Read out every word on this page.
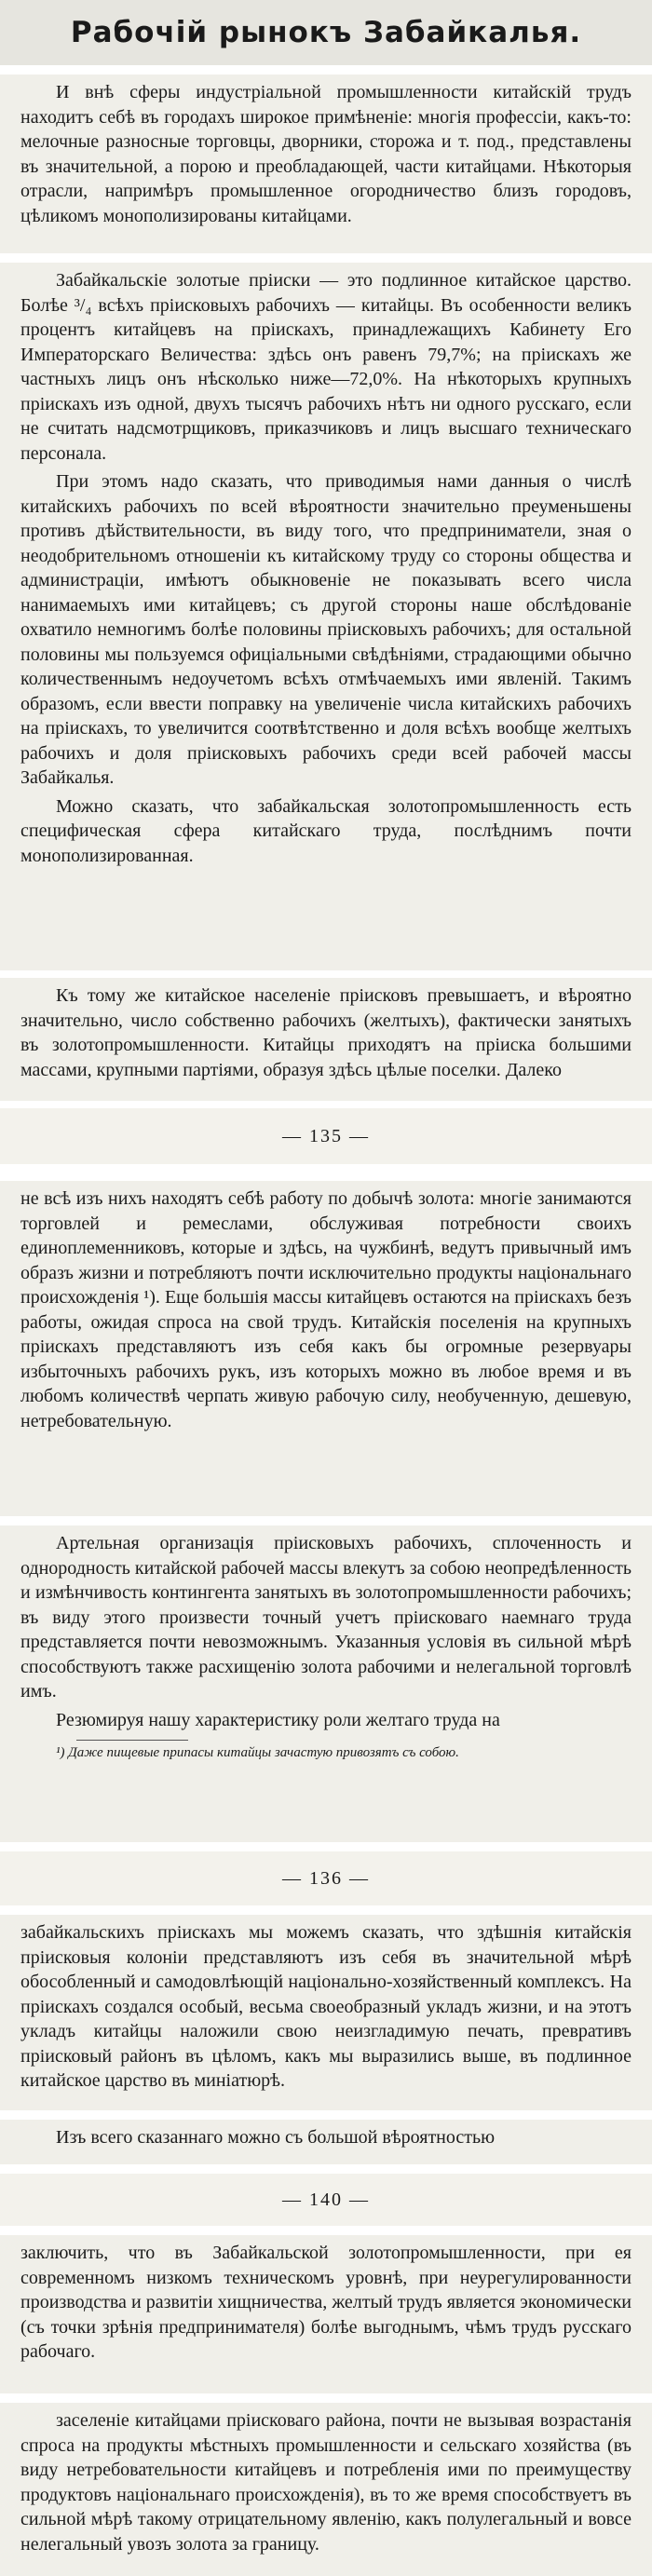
Рабочій рынокъ Забайкалья.

И внѣ сферы индустріальной промышленности китайскій трудъ находитъ себѣ въ городахъ широкое примѣненіе: многія профессіи, какъ-то: мелочные разносные торговцы, дворники, сторожа и т. под., представлены въ значительной, а порою и преобладающей, части китайцами. Нѣкоторыя отрасли, напримѣръ промышленное огородничество близъ городовъ, цѣликомъ монополизированы китайцами.

Забайкальскіе золотые пріиски — это подлинное китайское царство. Болѣе ³/₄ всѣхъ пріисковыхъ рабочихъ — китайцы. Въ особенности великъ процентъ китайцевъ на пріискахъ, принадлежащихъ Кабинету Его Императорскаго Величества: здѣсь онъ равенъ 79,7%; на пріискахъ же частныхъ лицъ онъ нѣсколько ниже—72,0%. На нѣкоторыхъ крупныхъ пріискахъ изъ одной, двухъ тысячъ рабочихъ нѣтъ ни одного русскаго, если не считать надсмотрщиковъ, приказчиковъ и лицъ высшаго техническаго персонала.

При этомъ надо сказать, что приводимыя нами данныя о числѣ китайскихъ рабочихъ по всей вѣроятности значительно преуменьшены противъ дѣйствительности, въ виду того, что предприниматели, зная о неодобрительномъ отношеніи къ китайскому труду со стороны общества и администраціи, имѣютъ обыкновеніе не показывать всего числа нанимаемыхъ ими китайцевъ; съ другой стороны наше обслѣдованіе охватило немногимъ болѣе половины пріисковыхъ рабочихъ; для остальной половины мы пользуемся офиціальными свѣдѣніями, страдающими обычно количественнымъ недоучетомъ всѣхъ отмѣчаемыхъ ими явленій. Такимъ образомъ, если ввести поправку на увеличеніе числа китайскихъ рабочихъ на пріискахъ, то увеличится соотвѣтственно и доля всѣхъ вообще желтыхъ рабочихъ и доля пріисковыхъ рабочихъ среди всей рабочей массы Забайкалья.

Можно сказать, что забайкальская золотопромышленность есть специфическая сфера китайскаго труда, послѣднимъ почти монополизированная.

Къ тому же китайское населеніе пріисковъ превышаетъ, и вѣроятно значительно, число собственно рабочихъ (желтыхъ), фактически занятыхъ въ золотопромышленности. Китайцы приходятъ на пріиска большими массами, крупными партіями, образуя здѣсь цѣлые поселки. Далеко

— 135 —

не всѣ изъ нихъ находятъ себѣ работу по добычѣ золота: многіе занимаются торговлей и ремеслами, обслуживая потребности своихъ единоплеменниковъ, которые и здѣсь, на чужбинѣ, ведутъ привычный имъ образъ жизни и потребляютъ почти исключительно продукты національнаго происхожденія ¹). Еще большія массы китайцевъ остаются на пріискахъ безъ работы, ожидая спроса на свой трудъ. Китайскія поселенія на крупныхъ пріискахъ представляютъ изъ себя какъ бы огромные резервуары избыточныхъ рабочихъ рукъ, изъ которыхъ можно въ любое время и въ любомъ количествѣ черпать живую рабочую силу, необученную, дешевую, нетребовательную.

Артельная организація пріисковыхъ рабочихъ, сплоченность и однородность китайской рабочей массы влекутъ за собою неопредѣленность и измѣнчивость контингента занятыхъ въ золотопромышленности рабочихъ; въ виду этого произвести точный учетъ пріисковаго наемнаго труда представляется почти невозможнымъ. Указанныя условія въ сильной мѣрѣ способствуютъ также расхищенію золота рабочими и нелегальной торговлѣ имъ.

Резюмируя нашу характеристику роли желтаго труда на

¹) Даже пищевые припасы китайцы зачастую привозятъ съ собою.

— 136 —

забайкальскихъ пріискахъ мы можемъ сказать, что здѣшнія китайскія пріисковыя колоніи представляютъ изъ себя въ значительной мѣрѣ обособленный и самодовлѣющій національно-хозяйственный комплексъ. На пріискахъ создался особый, весьма своеобразный укладъ жизни, и на этотъ укладъ китайцы наложили свою неизгладимую печать, превративъ пріисковый районъ въ цѣломъ, какъ мы выразились выше, въ подлинное китайское царство въ миніатюрѣ.

Изъ всего сказаннаго можно съ большой вѣроятностью

— 140 —

заключить, что въ Забайкальской золотопромышленности, при ея современномъ низкомъ техническомъ уровнѣ, при неурегулированности производства и развитіи хищничества, желтый трудъ является экономически (съ точки зрѣнія предпринимателя) болѣе выгоднымъ, чѣмъ трудъ русскаго рабочаго.

заселеніе китайцами пріисковаго района, почти не вызывая возрастанія спроса на продукты мѣстныхъ промышленности и сельскаго хозяйства (въ виду нетребовательности китайцевъ и потребленія ими по преимуществу продуктовъ національнаго происхожденія), въ то же время способствуетъ въ сильной мѣрѣ такому отрицательному явленію, какъ полулегальный и вовсе нелегальный увозъ золота за границу.
